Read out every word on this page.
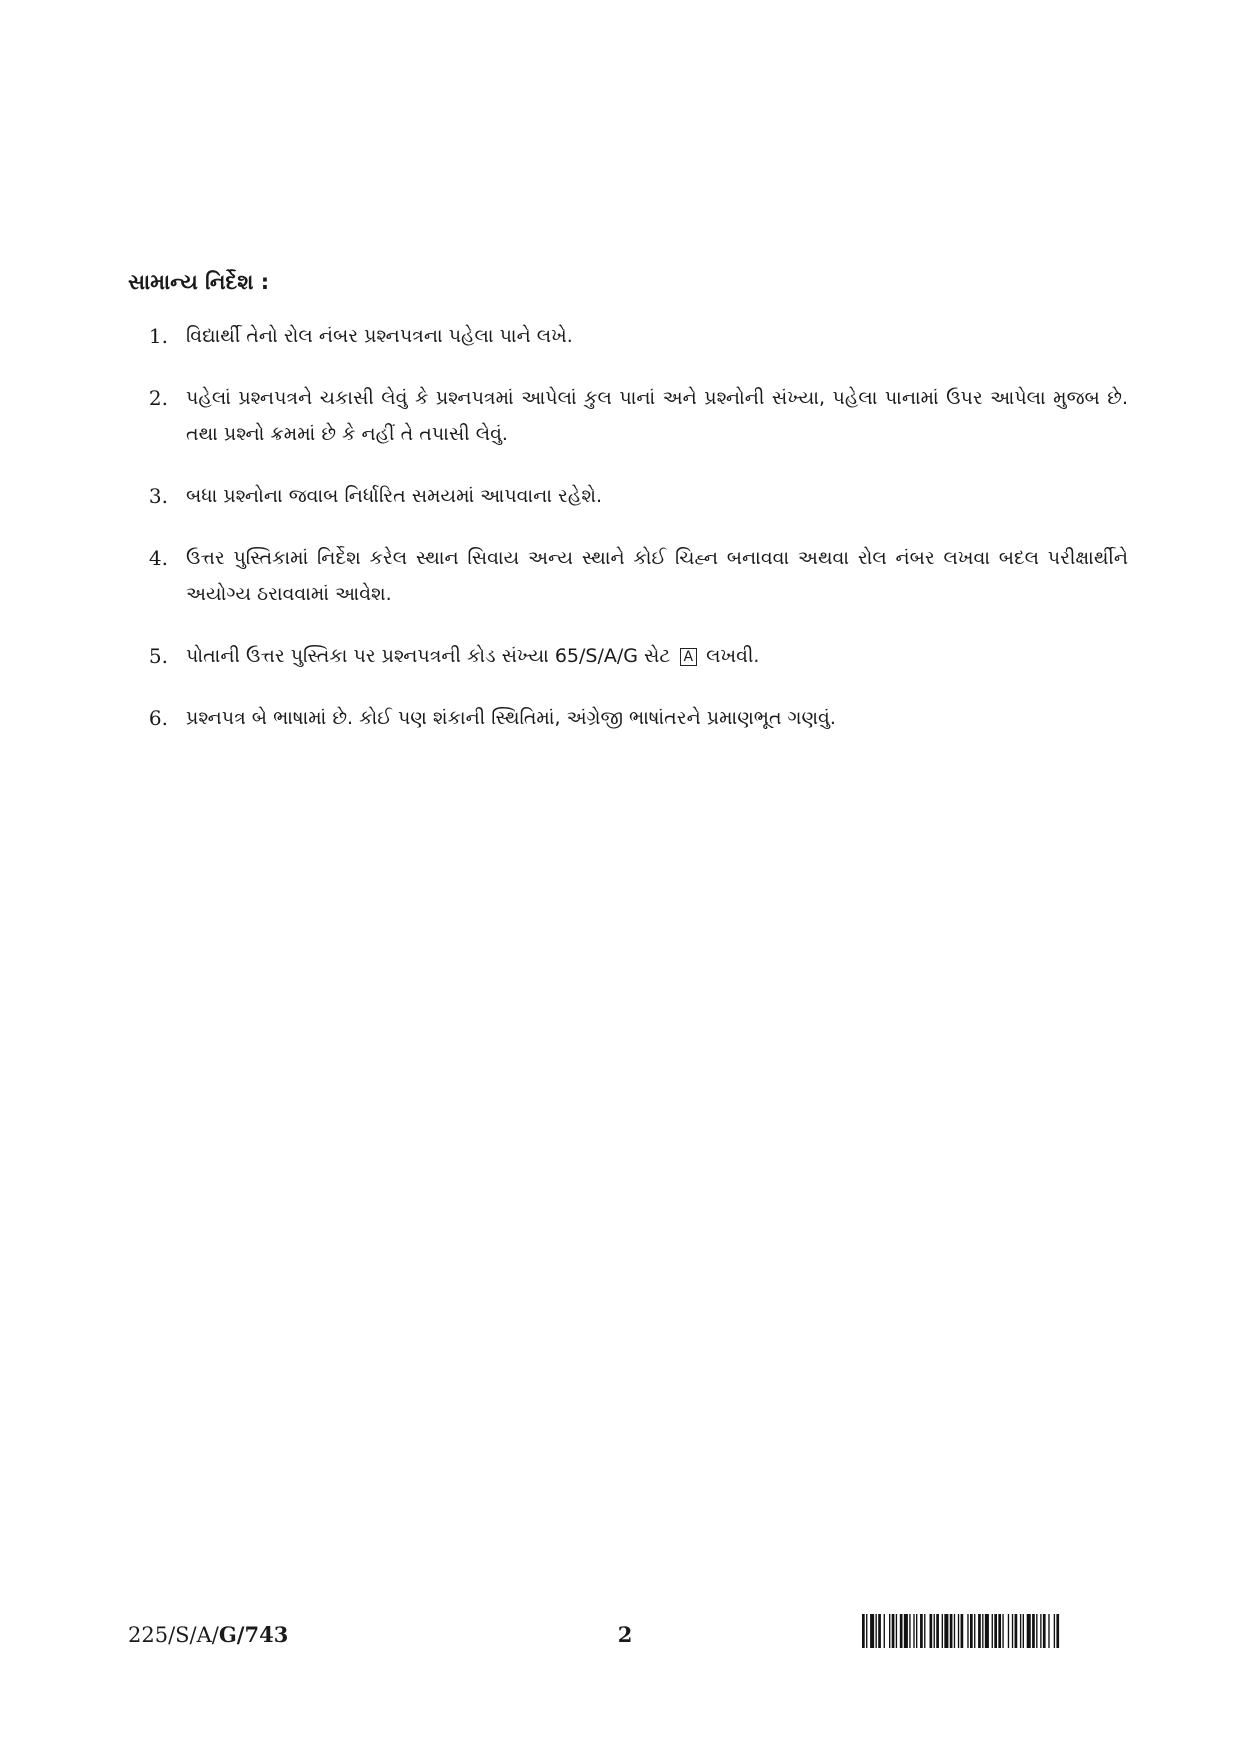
સામાન્ય નિર્દેશ :
1. વિદ્યાર્થી તેનો રોલ નંબર પ્રશ્નપત્રના પહેલા પાને લખે.
2. પહેલાં પ્રશ્નપત્રને ચકાસી લેવું કે પ્રશ્નપત્રમાં આપેલાં કુલ પાનાં અને પ્રશ્નોની સંખ્યા, પહેલા પાનામાં ઉપર આપેલા મુજબ છે. તથા પ્રશ્નો ક્રમમાં છે કે નહીં તે તપાસી લેવું.
3. બધા પ્રશ્નોના જવાબ નિર્ધારિત સમયમાં આપવાના રહેશે.
4. ઉત્તર પુસ્તિકામાં નિર્દેશ કરેલ સ્થાન સિવાય અન્ય સ્થાને કોઈ ચિહ્ન બનાવવા અથવા રોલ નંબર લખવા બદલ પરીક્ષાર્થીને અયોગ્ય ઠરાવવામાં આવેશ.
5. પોતાની ઉત્તર પુસ્તિકા પર પ્રશ્નપત્રની કોડ સંખ્યા 65/S/A/G સેટ A લખવી.
6. પ્રશ્નપત્ર બે ભાષામાં છે. કોઈ પણ શંકાની સ્થિતિમાં, અંગ્રેજી ભાષાંતરને પ્રમાણભૂત ગણવું.
225/S/A/G/743	2
